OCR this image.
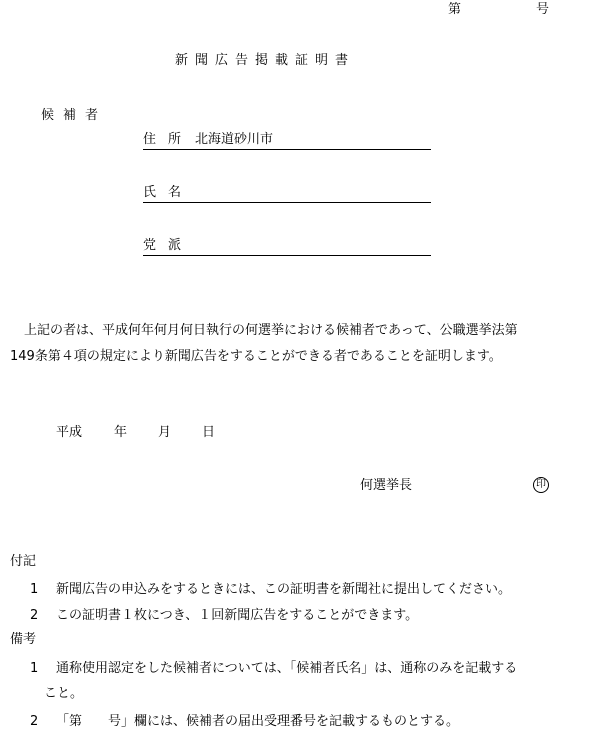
第	号
新聞広告掲載証明書
候補者
住所 北海道砂川市
氏名
党派
上記の者は、平成何年何月何日執行の何選挙における候補者であって、公職選挙法第
149条第４項の規定により新聞広告をすることができる者であることを証明します。
平成 年 月 日
何選挙長	印
付記
1 新聞広告の申込みをするときには、この証明書を新聞社に提出してください。
2 この証明書１枚につき、１回新聞広告をすることができます。
備考
1 通称使用認定をした候補者については、「候補者氏名」は、通称のみを記載する
こと。
2 「第　　号」欄には、候補者の届出受理番号を記載するものとする。
